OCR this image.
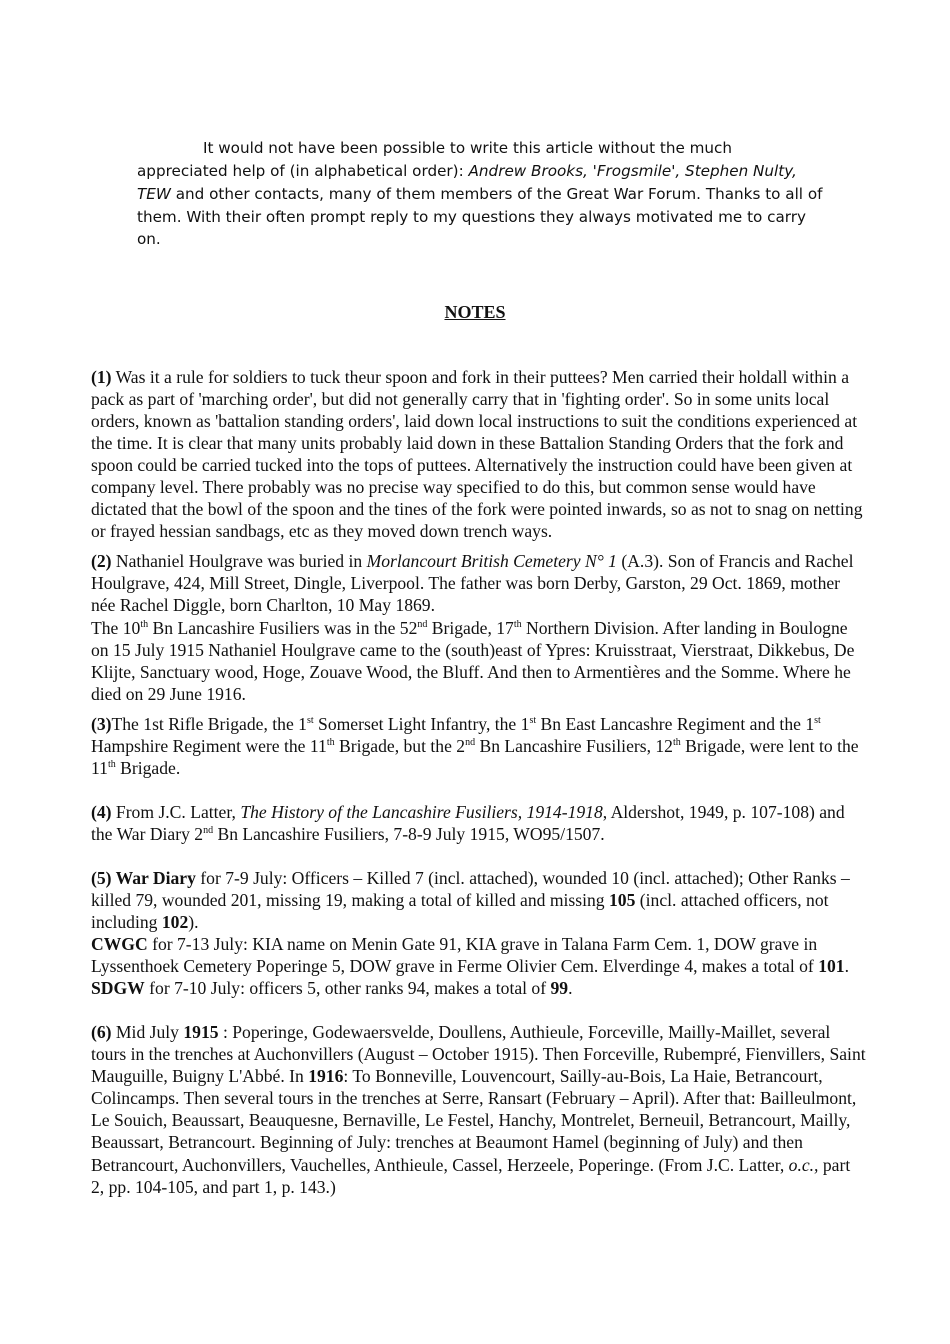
It would not have been possible to write this article without the much appreciated help of (in alphabetical order): Andrew Brooks, 'Frogsmile', Stephen Nulty, TEW and other contacts, many of them members of the Great War Forum. Thanks to all of them. With their often prompt reply to my questions they always motivated me to carry on.

NOTES

(1) Was it a rule for soldiers to tuck theur spoon and fork in their puttees? Men carried their holdall within a pack as part of 'marching order', but did not generally carry that in 'fighting order'. So in some units local orders, known as 'battalion standing orders', laid down local instructions to suit the conditions experienced at the time. It is clear that many units probably laid down in these Battalion Standing Orders that the fork and spoon could be carried tucked into the tops of puttees. Alternatively the instruction could have been given at company level. There probably was no precise way specified to do this, but common sense would have dictated that the bowl of the spoon and the tines of the fork were pointed inwards, so as not to snag on netting or frayed hessian sandbags, etc as they moved down trench ways.

(2) Nathaniel Houlgrave was buried in Morlancourt British Cemetery N° 1 (A.3). Son of Francis and Rachel Houlgrave, 424, Mill Street, Dingle, Liverpool. The father was born Derby, Garston, 29 Oct. 1869, mother née Rachel Diggle, born Charlton, 10 May 1869.
The 10th Bn Lancashire Fusiliers was in the 52nd Brigade, 17th Northern Division. After landing in Boulogne on 15 July 1915 Nathaniel Houlgrave came to the (south)east of Ypres: Kruisstraat, Vierstraat, Dikkebus, De Klijte, Sanctuary wood, Hoge, Zouave Wood, the Bluff. And then to Armentières and the Somme. Where he died on 29 June 1916.

(3)The 1st Rifle Brigade, the 1st Somerset Light Infantry, the 1st Bn East Lancashre Regiment and the 1st Hampshire Regiment were the 11th Brigade, but the 2nd Bn Lancashire Fusiliers, 12th Brigade, were lent to the 11th Brigade.

(4) From J.C. Latter, The History of the Lancashire Fusiliers, 1914-1918, Aldershot, 1949, p. 107-108) and the War Diary 2nd Bn Lancashire Fusiliers, 7-8-9 July 1915, WO95/1507.

(5) War Diary for 7-9 July: Officers – Killed 7 (incl. attached), wounded 10 (incl. attached); Other Ranks – killed 79, wounded 201, missing 19, making a total of killed and missing 105 (incl. attached officers, not including 102).
CWGC for 7-13 July: KIA name on Menin Gate 91, KIA grave in Talana Farm Cem. 1, DOW grave in Lyssenthoek Cemetery Poperinge 5, DOW grave in Ferme Olivier Cem. Elverdinge 4, makes a total of 101.
SDGW for 7-10 July: officers 5, other ranks 94, makes a total of 99.

(6) Mid July 1915 : Poperinge, Godewaersvelde, Doullens, Authieule, Forceville, Mailly-Maillet, several tours in the trenches at Auchonvillers (August – October 1915). Then Forceville, Rubempré, Fienvillers, Saint Mauguille, Buigny L'Abbé. In 1916: To Bonneville, Louvencourt, Sailly-au-Bois, La Haie, Betrancourt, Colincamps. Then several tours in the trenches at Serre, Ransart (February – April). After that: Bailleulmont, Le Souich, Beaussart, Beauquesne, Bernaville, Le Festel, Hanchy, Montrelet, Berneuil, Betrancourt, Mailly, Beaussart, Betrancourt. Beginning of July: trenches at Beaumont Hamel (beginning of July) and then Betrancourt, Auchonvillers, Vauchelles, Anthieule, Cassel, Herzeele, Poperinge. (From J.C. Latter, o.c., part 2, pp. 104-105, and part 1, p. 143.)
